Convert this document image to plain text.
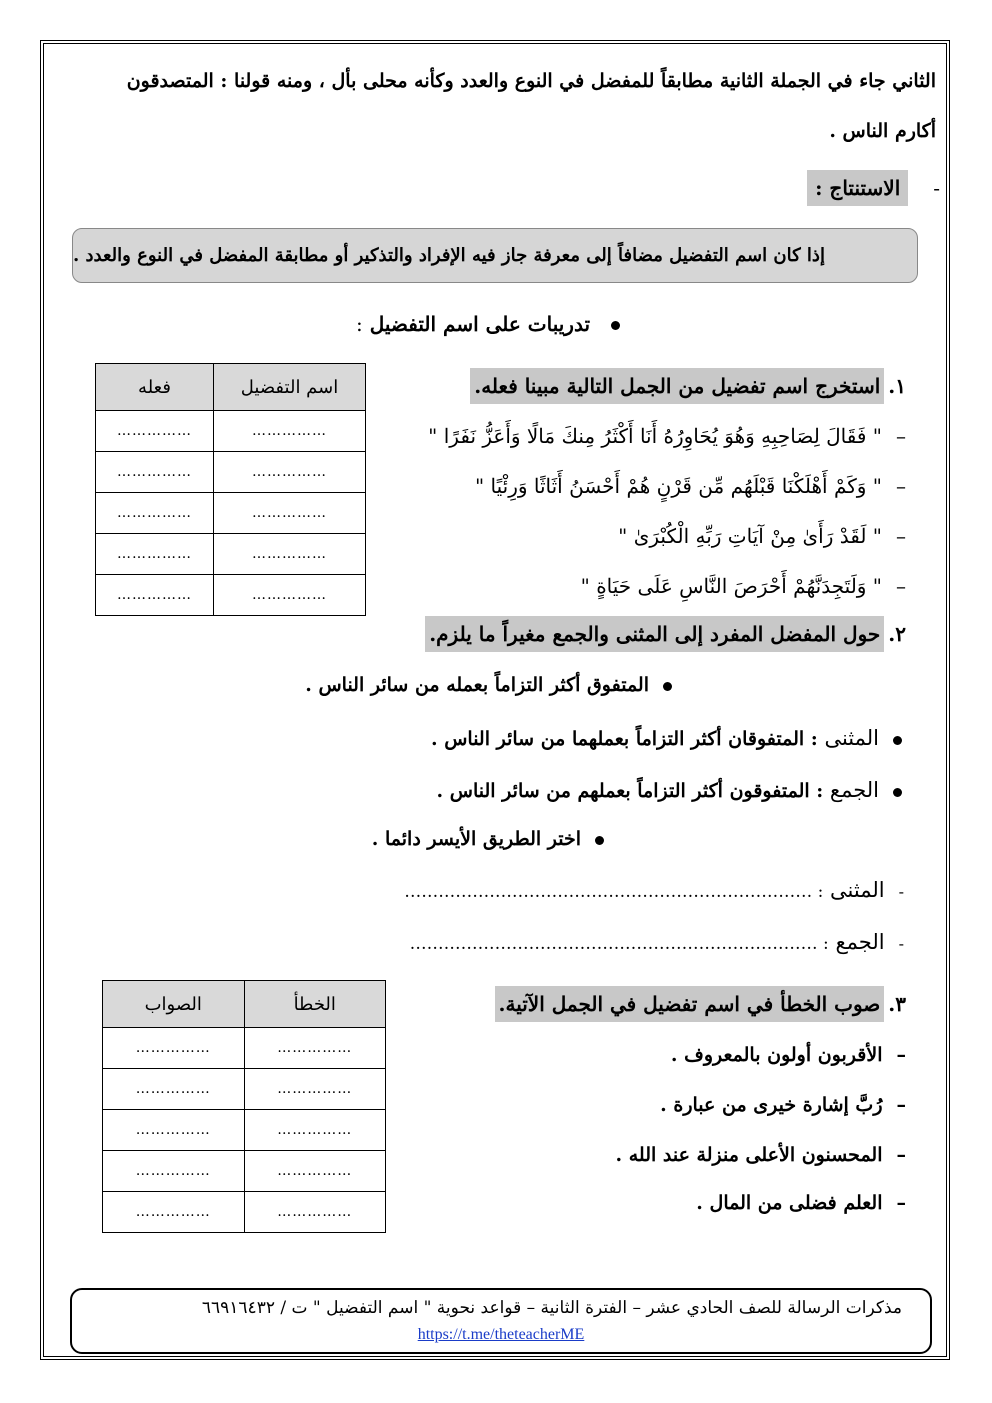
الثاني جاء في الجملة الثانية مطابقاً للمفضل في النوع والعدد وكأنه محلى بأل ، ومنه قولنا : المتصدقون
أكارم الناس .
- الاستنتاج :
إذا كان اسم التفضيل مضافاً إلى معرفة جاز فيه الإفراد والتذكير أو مطابقة المفضل في النوع والعدد .
تدريبات على اسم التفضيل :
١.استخرج اسم تفضيل من الجمل التالية مبينا فعله.
–" فَقَالَ لِصَاحِبِهِ وَهُوَ يُحَاوِرُهُ أَنَا أَكْثَرُ مِنكَ مَالًا وَأَعَزُّ نَفَرًا "
–" وَكَمْ أَهْلَكْنَا قَبْلَهُم مِّن قَرْنٍ هُمْ أَحْسَنُ أَثَاثًا وَرِئْيًا "
–" لَقَدْ رَأَىٰ مِنْ آيَاتِ رَبِّهِ الْكُبْرَىٰ "
–" وَلَتَجِدَنَّهُمْ أَحْرَصَ النَّاسِ عَلَى حَيَاةٍ "
اسم التفضيل	فعله
……………	……………
……………	……………
……………	……………
……………	……………
……………	……………
٢.حول المفضل المفرد إلى المثنى والجمع مغيراً ما يلزم.
المتفوق أكثر التزاماً بعمله من سائر الناس .
المثنى : المتفوقان أكثر التزاماً بعملهما من سائر الناس .
الجمع : المتفوقون أكثر التزاماً بعملهم من سائر الناس .
اختر الطريق الأيسر دائما .
-المثنى : ………………………………………………………………
-الجمع : ………………………………………………………………
٣.صوب الخطأ في اسم تفضيل في الجمل الآتية.
–الأقربون أولون بالمعروف .
–رُبَّ إشارة خيرى من عبارة .
–المحسنون الأعلى منزلة عند الله .
–العلم فضلى من المال .
الخطأ	الصواب
……………	……………
……………	……………
……………	……………
……………	……………
……………	……………
مذكرات الرسالة للصف الحادي عشر – الفترة الثانية – قواعد نحوية " اسم التفضيل " ت / ٦٦٩١٦٤٣٢
https://t.me/theteacherME
